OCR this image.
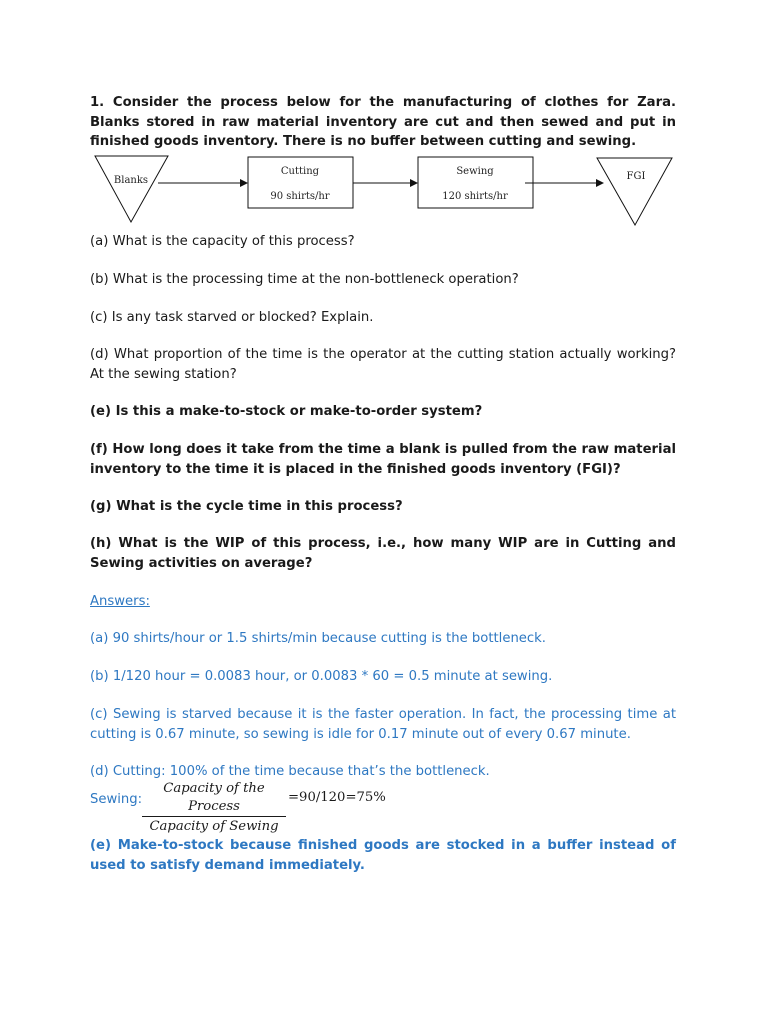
1. Consider the process below for the manufacturing of clothes for Zara. Blanks stored in raw material inventory are cut and then sewed and put in finished goods inventory. There is no buffer between cutting and sewing.
Blanks
Cutting
90 shirts/hr
Sewing
120 shirts/hr
FGI
(a) What is the capacity of this process?
(b) What is the processing time at the non-bottleneck operation?
(c) Is any task starved or blocked? Explain.
(d) What proportion of the time is the operator at the cutting station actually working? At the sewing station?
(e) Is this a make-to-stock or make-to-order system?
(f) How long does it take from the time a blank is pulled from the raw material inventory to the time it is placed in the finished goods inventory (FGI)?
(g) What is the cycle time in this process?
(h) What is the WIP of this process, i.e., how many WIP are in Cutting and Sewing activities on average?
Answers:
(a) 90 shirts/hour or 1.5 shirts/min because cutting is the bottleneck.
(b) 1/120 hour = 0.0083 hour, or 0.0083 * 60 = 0.5 minute at sewing.
(c) Sewing is starved because it is the faster operation. In fact, the processing time at cutting is 0.67 minute, so sewing is idle for 0.17 minute out of every 0.67 minute.
(d) Cutting: 100% of the time because that’s the bottleneck.
Sewing:
Capacity of the Process
Capacity of Sewing
=90/120=75%
(e) Make-to-stock because finished goods are stocked in a buffer instead of used to satisfy demand immediately.
